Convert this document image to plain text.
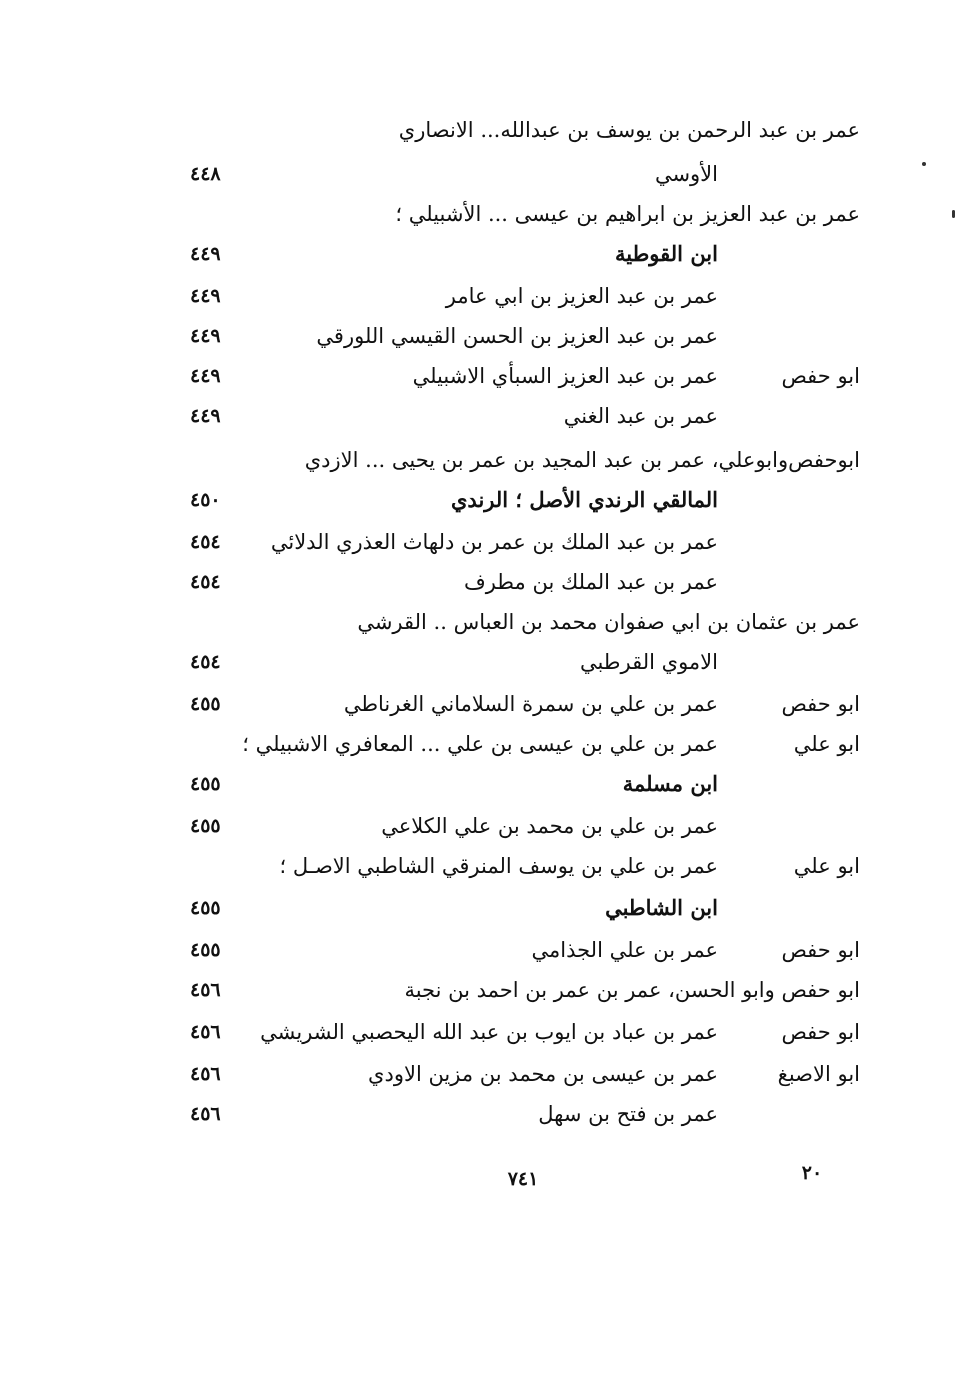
عمر بن عبد الرحمن بن يوسف بن عبدالله... الانصاري
الأوسي
٤٤٨
عمر بن عبد العزيز بن ابراهيم بن عيسى ... الأشبيلي ؛
ابن القوطية
٤٤٩
عمر بن عبد العزيز بن ابي عامر
٤٤٩
عمر بن عبد العزيز بن الحسن القيسي اللورقي
٤٤٩
ابو حفص
عمر بن عبد العزيز السبأي الاشبيلي
٤٤٩
عمر بن عبد الغني
٤٤٩
ابوحفص‌وابوعلي، عمر بن عبد المجيد بن عمر بن يحيى ... الازدي
المالقي الرندي الأصل ؛ الرندي
٤٥٠
عمر بن عبد الملك بن عمر بن دلهاث العذري الدلائي
٤٥٤
عمر بن عبد الملك بن مطرف
٤٥٤
عمر بن عثمان بن ابي صفوان محمد بن العباس .. القرشي
الاموي القرطبي
٤٥٤
ابو حفص
عمر بن علي بن سمرة السلاماني الغرناطي
٤٥٥
ابو علي
عمر بن علي بن عيسى بن علي ... المعافري الاشبيلي ؛
ابن مسلمة
٤٥٥
عمر بن علي بن محمد بن علي الكلاعي
٤٥٥
ابو علي
عمر بن علي بن يوسف المنرقي الشاطبي الاصـل ؛
ابن الشاطبي
٤٥٥
ابو حفص
عمر بن علي الجذامي
٤٥٥
ابو حفص وابو الحسن، عمر بن عمر بن احمد بن نجبة
٤٥٦
ابو حفص
عمر بن عباد بن ايوب بن عبد الله اليحصبي الشريشي
٤٥٦
ابو الاصبغ
عمر بن عيسى بن محمد بن مزين الاودي
٤٥٦
عمر بن فتح بن سهل
٤٥٦
٧٤١	٢٠
